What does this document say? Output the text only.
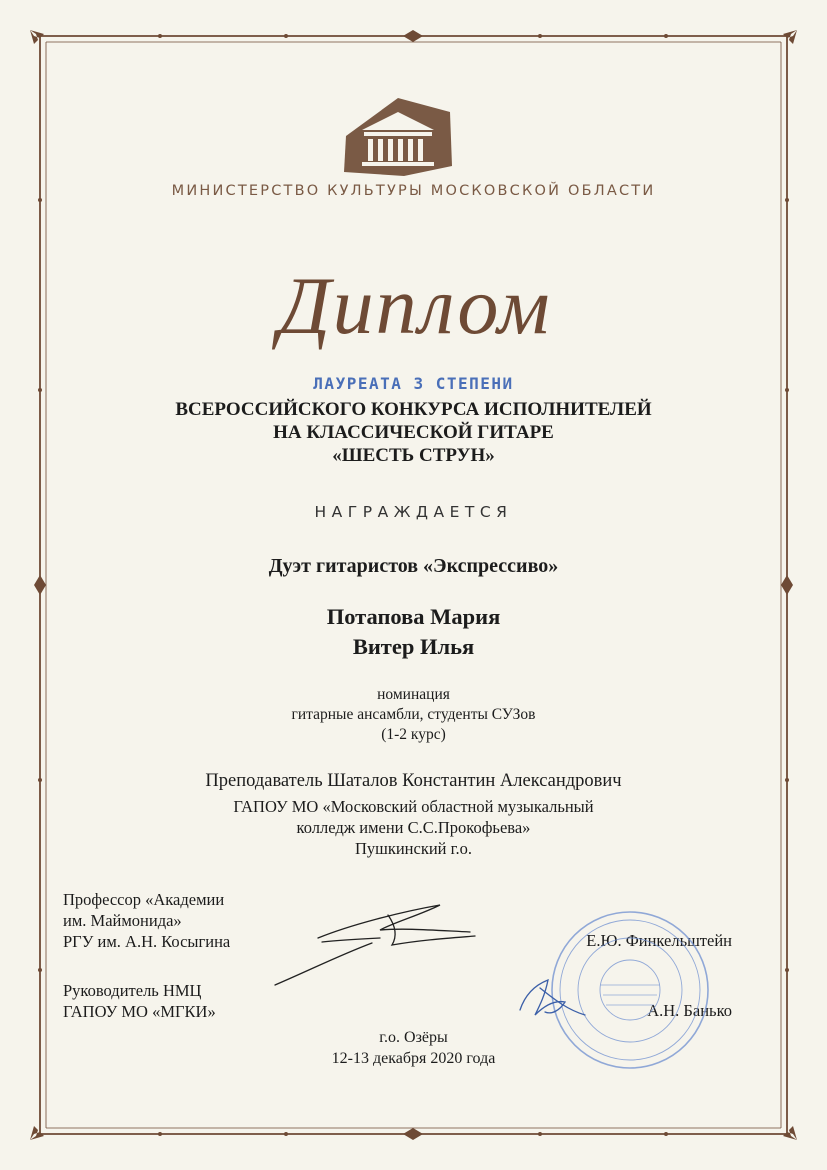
МИНИСТЕРСТВО КУЛЬТУРЫ МОСКОВСКОЙ ОБЛАСТИ
Диплом
ЛАУРЕАТА 3 СТЕПЕНИ
ВСЕРОССИЙСКОГО КОНКУРСА ИСПОЛНИТЕЛЕЙ
НА КЛАССИЧЕСКОЙ ГИТАРЕ
«ШЕСТЬ СТРУН»
НАГРАЖДАЕТСЯ
Дуэт гитаристов «Экспрессиво»
Потапова Мария
Витер Илья
номинация
гитарные ансамбли, студенты СУЗов
(1-2 курс)
Преподаватель Шаталов Константин Александрович
ГАПОУ МО «Московский областной музыкальный
колледж имени С.С.Прокофьева»
Пушкинский г.о.
Профессор «Академии
им. Маймонида»
РГУ им. А.Н. Косыгина	Е.Ю. Финкельштейн
Руководитель НМЦ
ГАПОУ МО «МГКИ»	А.Н. Банько
г.о. Озёры
12-13 декабря 2020 года
